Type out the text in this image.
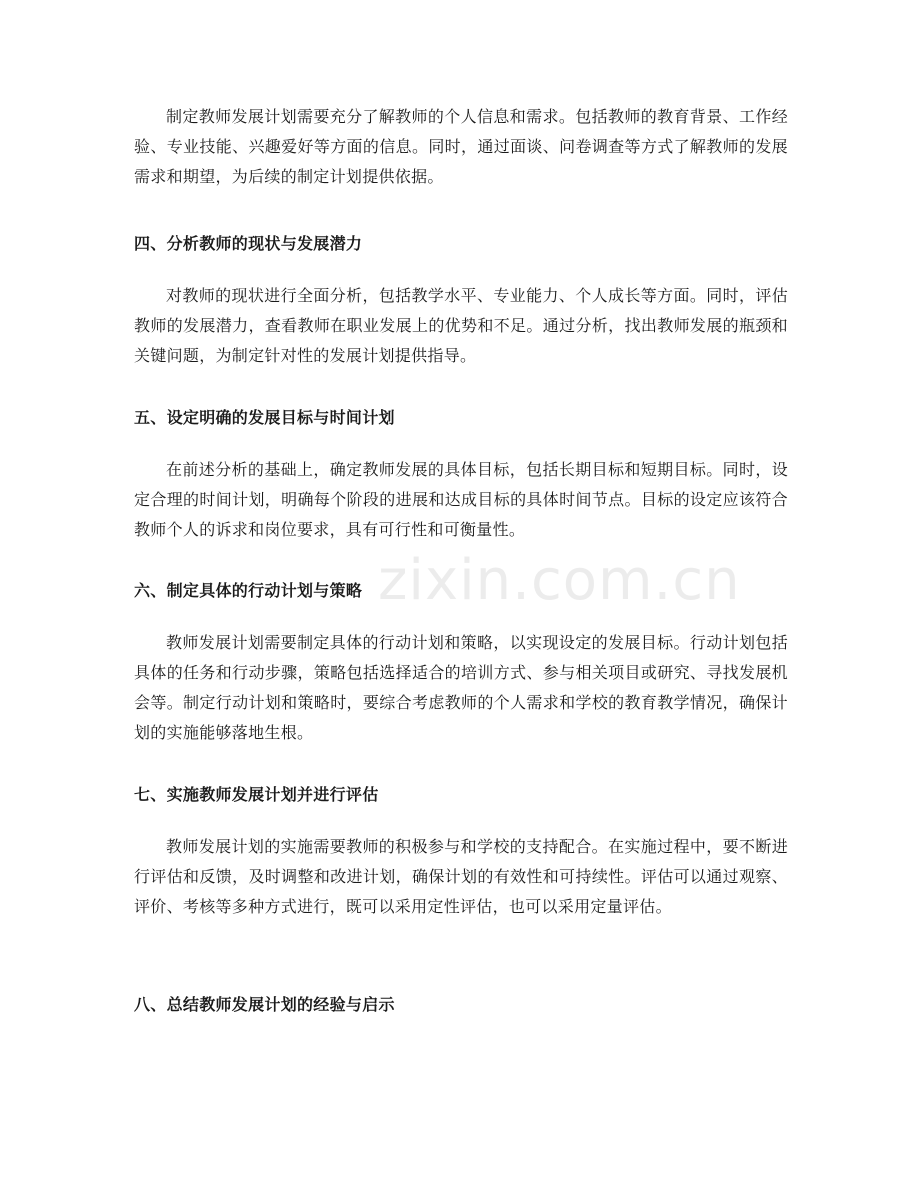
制定教师发展计划需要充分了解教师的个人信息和需求。包括教师的教育背景、工作经验、专业技能、兴趣爱好等方面的信息。同时，通过面谈、问卷调查等方式了解教师的发展需求和期望，为后续的制定计划提供依据。

四、分析教师的现状与发展潜力

对教师的现状进行全面分析，包括教学水平、专业能力、个人成长等方面。同时，评估教师的发展潜力，查看教师在职业发展上的优势和不足。通过分析，找出教师发展的瓶颈和关键问题，为制定针对性的发展计划提供指导。

五、设定明确的发展目标与时间计划

在前述分析的基础上，确定教师发展的具体目标，包括长期目标和短期目标。同时，设定合理的时间计划，明确每个阶段的进展和达成目标的具体时间节点。目标的设定应该符合教师个人的诉求和岗位要求，具有可行性和可衡量性。

六、制定具体的行动计划与策略

教师发展计划需要制定具体的行动计划和策略，以实现设定的发展目标。行动计划包括具体的任务和行动步骤，策略包括选择适合的培训方式、参与相关项目或研究、寻找发展机会等。制定行动计划和策略时，要综合考虑教师的个人需求和学校的教育教学情况，确保计划的实施能够落地生根。

七、实施教师发展计划并进行评估

教师发展计划的实施需要教师的积极参与和学校的支持配合。在实施过程中，要不断进行评估和反馈，及时调整和改进计划，确保计划的有效性和可持续性。评估可以通过观察、评价、考核等多种方式进行，既可以采用定性评估，也可以采用定量评估。

八、总结教师发展计划的经验与启示
zixin.com.cn
